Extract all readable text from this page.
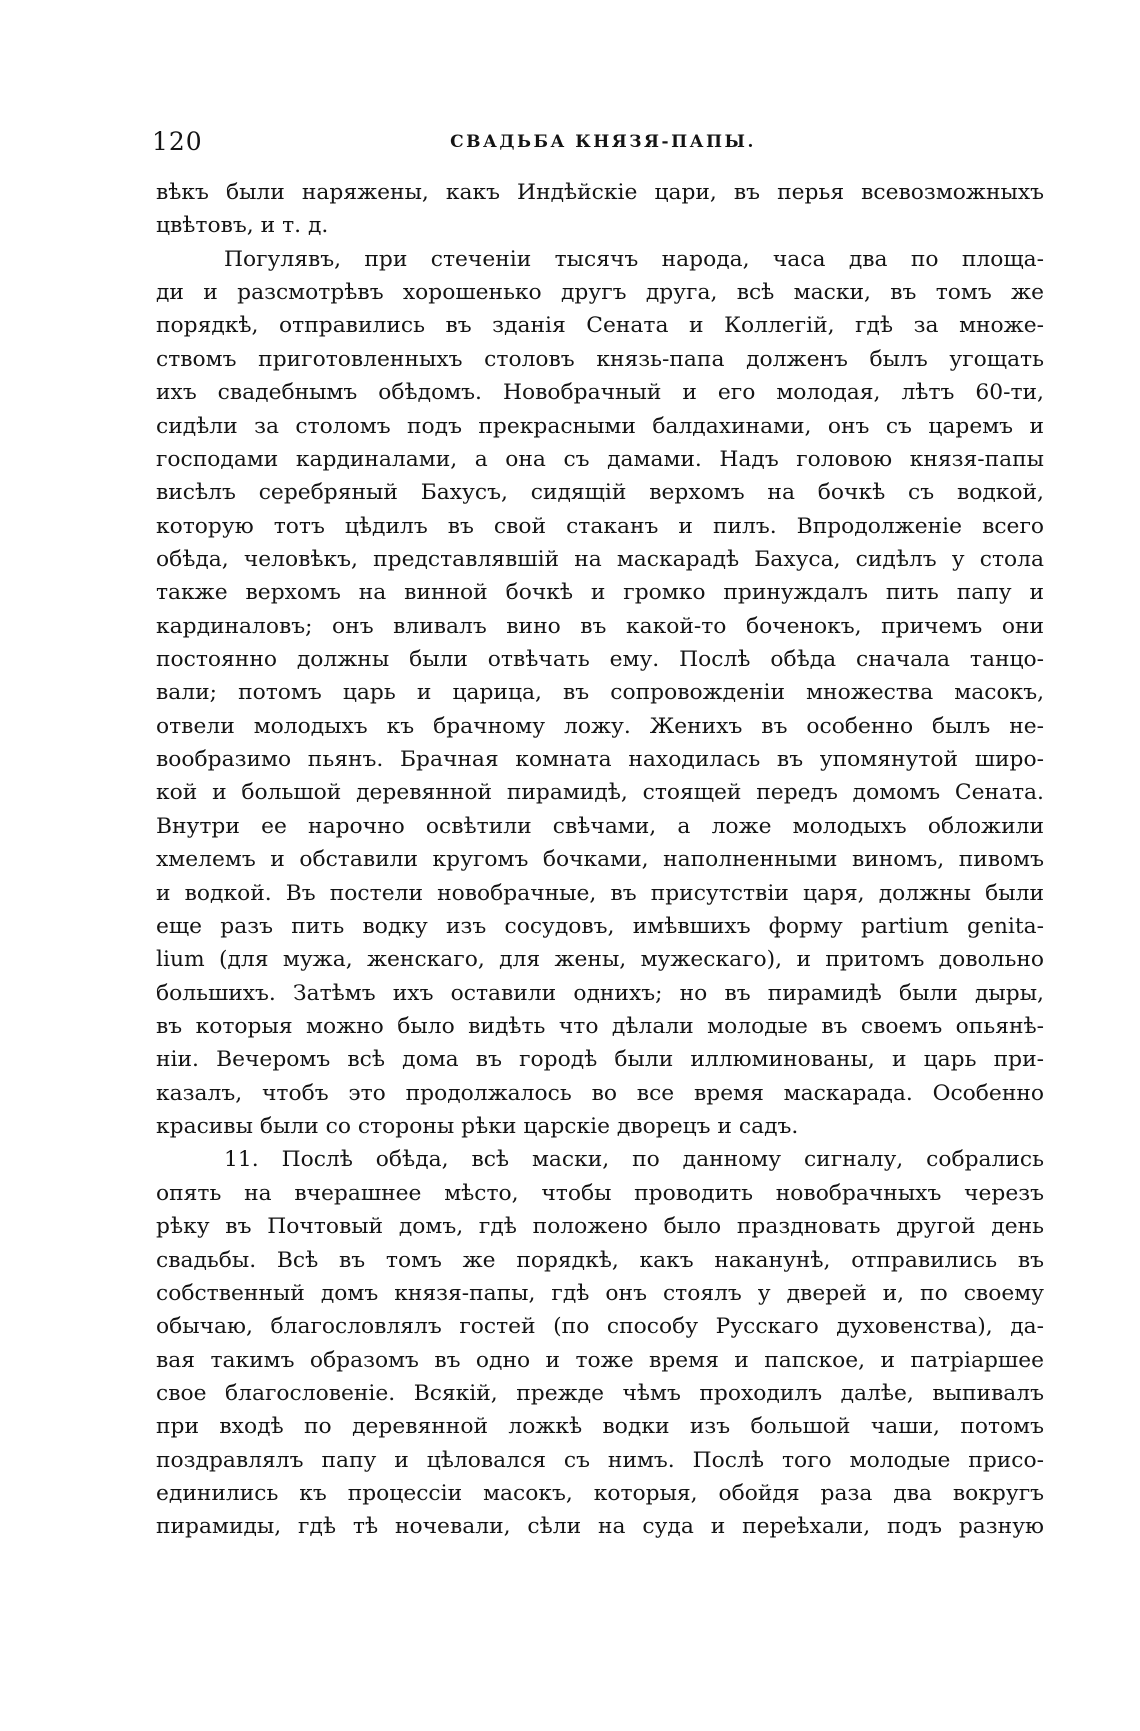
120	СВАДЬБА КНЯЗЯ-ПАПЫ.
вѣкъ были наряжены, какъ Индѣйскіе цари, въ перья всевозможныхъ
цвѣтовъ, и т. д.
Погулявъ, при стеченіи тысячъ народа, часа два по площа-
ди и разсмотрѣвъ хорошенько другъ друга, всѣ маски, въ томъ же
порядкѣ, отправились въ зданія Сената и Коллегій, гдѣ за множе-
ствомъ приготовленныхъ столовъ князь-папа долженъ былъ угощать
ихъ свадебнымъ обѣдомъ. Новобрачный и его молодая, лѣтъ 60-ти,
сидѣли за столомъ подъ прекрасными балдахинами, онъ съ царемъ и
господами кардиналами, а она съ дамами. Надъ головою князя-папы
висѣлъ серебряный Бахусъ, сидящій верхомъ на бочкѣ съ водкой,
которую тотъ цѣдилъ въ свой стаканъ и пилъ. Впродолженіе всего
обѣда, человѣкъ, представлявшій на маскарадѣ Бахуса, сидѣлъ у стола
также верхомъ на винной бочкѣ и громко принуждалъ пить папу и
кардиналовъ; онъ вливалъ вино въ какой-то боченокъ, причемъ они
постоянно должны были отвѣчать ему. Послѣ обѣда сначала танцо-
вали; потомъ царь и царица, въ сопровожденіи множества масокъ,
отвели молодыхъ къ брачному ложу. Женихъ въ особенно былъ не-
вообразимо пьянъ. Брачная комната находилась въ упомянутой широ-
кой и большой деревянной пирамидѣ, стоящей передъ домомъ Сената.
Внутри ее нарочно освѣтили свѣчами, а ложе молодыхъ обложили
хмелемъ и обставили кругомъ бочками, наполненными виномъ, пивомъ
и водкой. Въ постели новобрачные, въ присутствіи царя, должны были
еще разъ пить водку изъ сосудовъ, имѣвшихъ форму partium genita-
lium (для мужа, женскаго, для жены, мужескаго), и притомъ довольно
большихъ. Затѣмъ ихъ оставили однихъ; но въ пирамидѣ были дыры,
въ которыя можно было видѣть что дѣлали молодые въ своемъ опьянѣ-
ніи. Вечеромъ всѣ дома въ городѣ были иллюминованы, и царь при-
казалъ, чтобъ это продолжалось во все время маскарада. Особенно
красивы были со стороны рѣки царскіе дворецъ и садъ.
11. Послѣ обѣда, всѣ маски, по данному сигналу, собрались
опять на вчерашнее мѣсто, чтобы проводить новобрачныхъ черезъ
рѣку въ Почтовый домъ, гдѣ положено было праздновать другой день
свадьбы. Всѣ въ томъ же порядкѣ, какъ наканунѣ, отправились въ
собственный домъ князя-папы, гдѣ онъ стоялъ у дверей и, по своему
обычаю, благословлялъ гостей (по способу Русскаго духовенства), да-
вая такимъ образомъ въ одно и тоже время и папское, и патріаршее
свое благословеніе. Всякій, прежде чѣмъ проходилъ далѣе, выпивалъ
при входѣ по деревянной ложкѣ водки изъ большой чаши, потомъ
поздравлялъ папу и цѣловался съ нимъ. Послѣ того молодые присо-
единились къ процессіи масокъ, которыя, обойдя раза два вокругъ
пирамиды, гдѣ тѣ ночевали, сѣли на суда и переѣхали, подъ разную
